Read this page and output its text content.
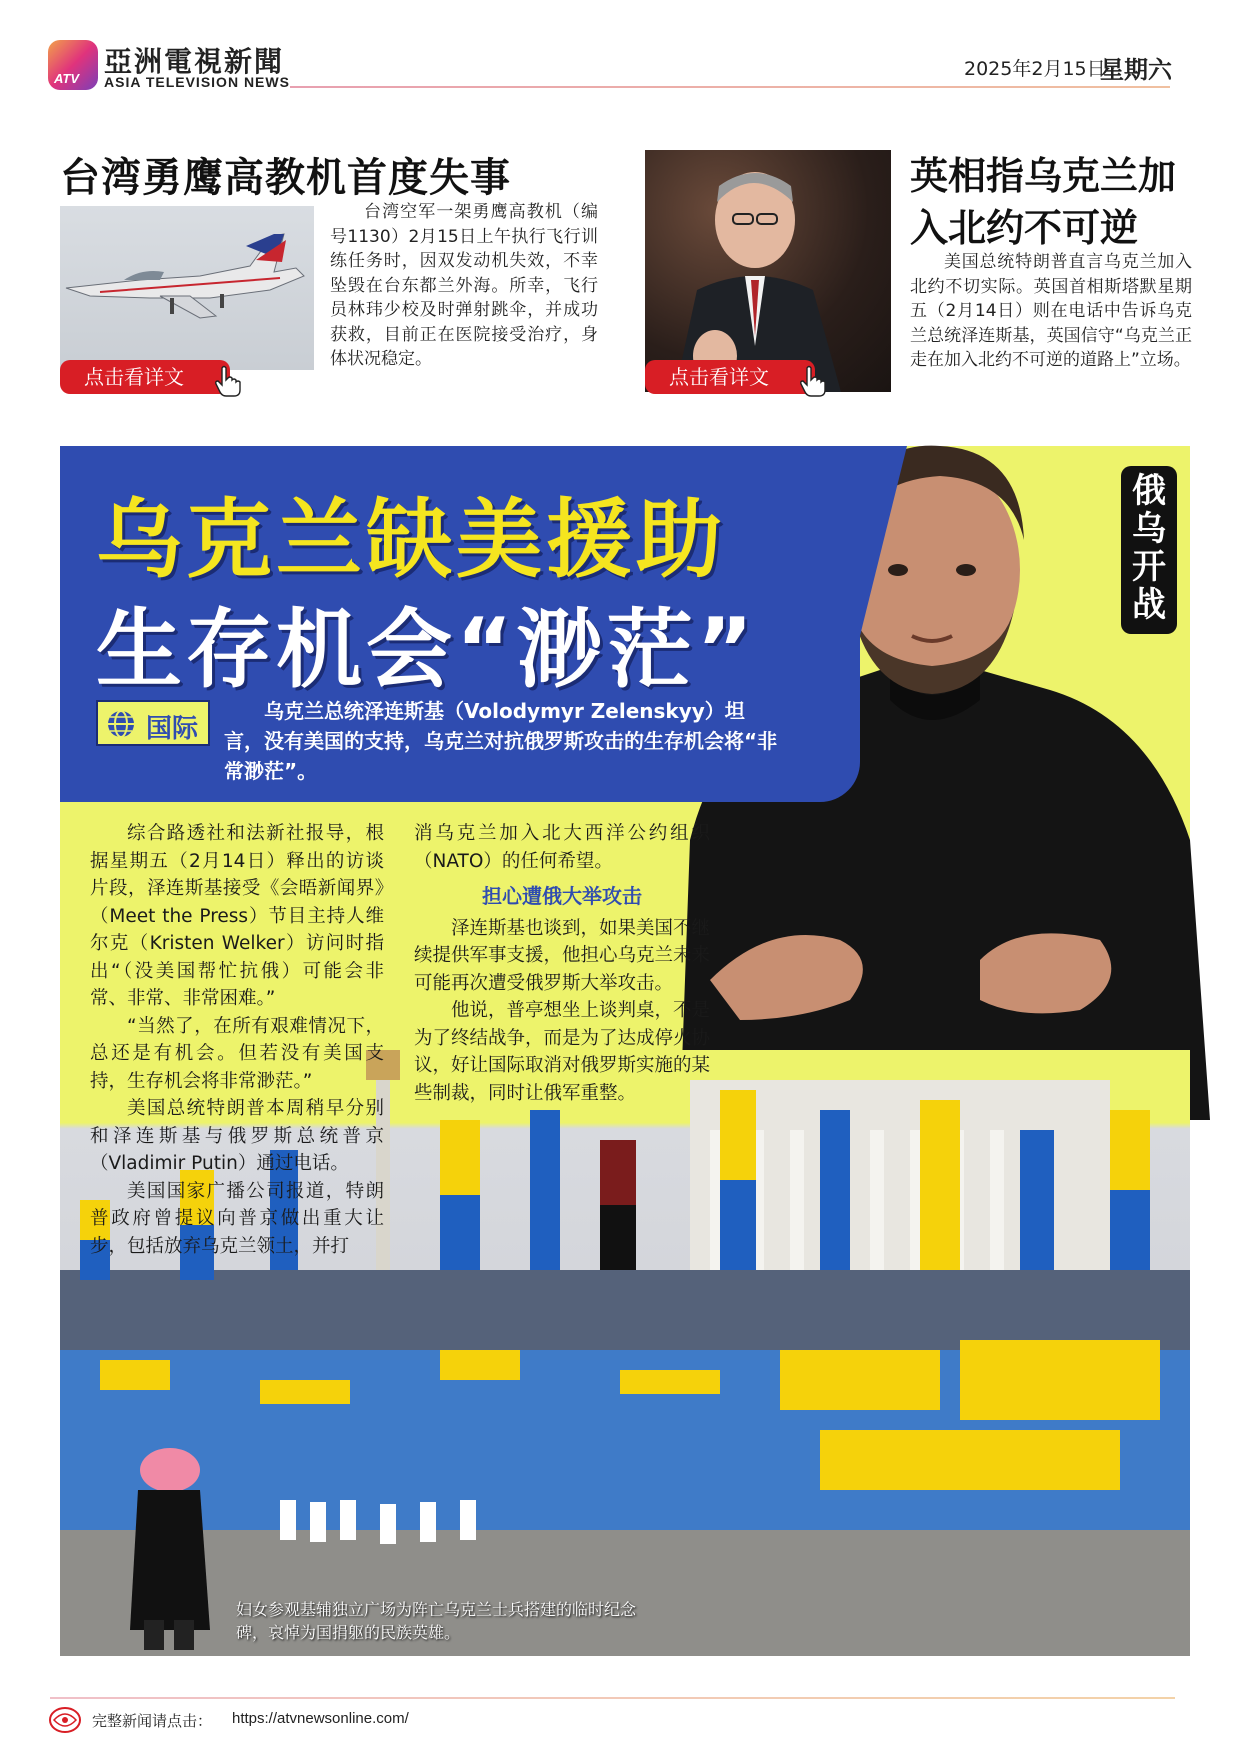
ATV
亞洲電視新聞
ASIA TELEVISION NEWS
2025年2月15日
星期六
台湾勇鹰高教机首度失事
台湾空军一架勇鹰高教机（编号1130）2月15日上午执行飞行训练任务时，因双发动机失效，不幸坠毁在台东都兰外海。所幸，飞行员林玮少校及时弹射跳伞，并成功获救，目前正在医院接受治疗，身体状况稳定。
点击看详文
英相指乌克兰加入北约不可逆
美国总统特朗普直言乌克兰加入北约不切实际。英国首相斯塔默星期五（2月14日）则在电话中告诉乌克兰总统泽连斯基，英国信守“乌克兰正走在加入北约不可逆的道路上”立场。
点击看详文
乌克兰缺美援助
生存机会“渺茫”
国际
乌克兰总统泽连斯基（Volodymyr Zelenskyy）坦言，没有美国的支持，乌克兰对抗俄罗斯攻击的生存机会将“非常渺茫”。
俄乌开战

综合路透社和法新社报导，根据星期五（2月14日）释出的访谈片段，泽连斯基接受《会晤新闻界》（Meet the Press）节目主持人维尔克（Kristen Welker）访问时指出“（没美国帮忙抗俄）可能会非常、非常、非常困难。”

“当然了，在所有艰难情况下，总还是有机会。但若没有美国支持，生存机会将非常渺茫。”

美国总统特朗普本周稍早分别和泽连斯基与俄罗斯总统普京（Vladimir Putin）通过电话。

美国国家广播公司报道，特朗普政府曾提议向普京做出重大让步，包括放弃乌克兰领土，并打

消乌克兰加入北大西洋公约组织（NATO）的任何希望。

担心遭俄大举攻击

泽连斯基也谈到，如果美国不继续提供军事支援，他担心乌克兰未来可能再次遭受俄罗斯大举攻击。

他说，普亭想坐上谈判桌，不是为了终结战争，而是为了达成停火协议，好让国际取消对俄罗斯实施的某些制裁，同时让俄军重整。

妇女参观基辅独立广场为阵亡乌克兰士兵搭建的临时纪念碑，哀悼为国捐躯的民族英雄。
完整新闻请点击： https://atvnewsonline.com/
